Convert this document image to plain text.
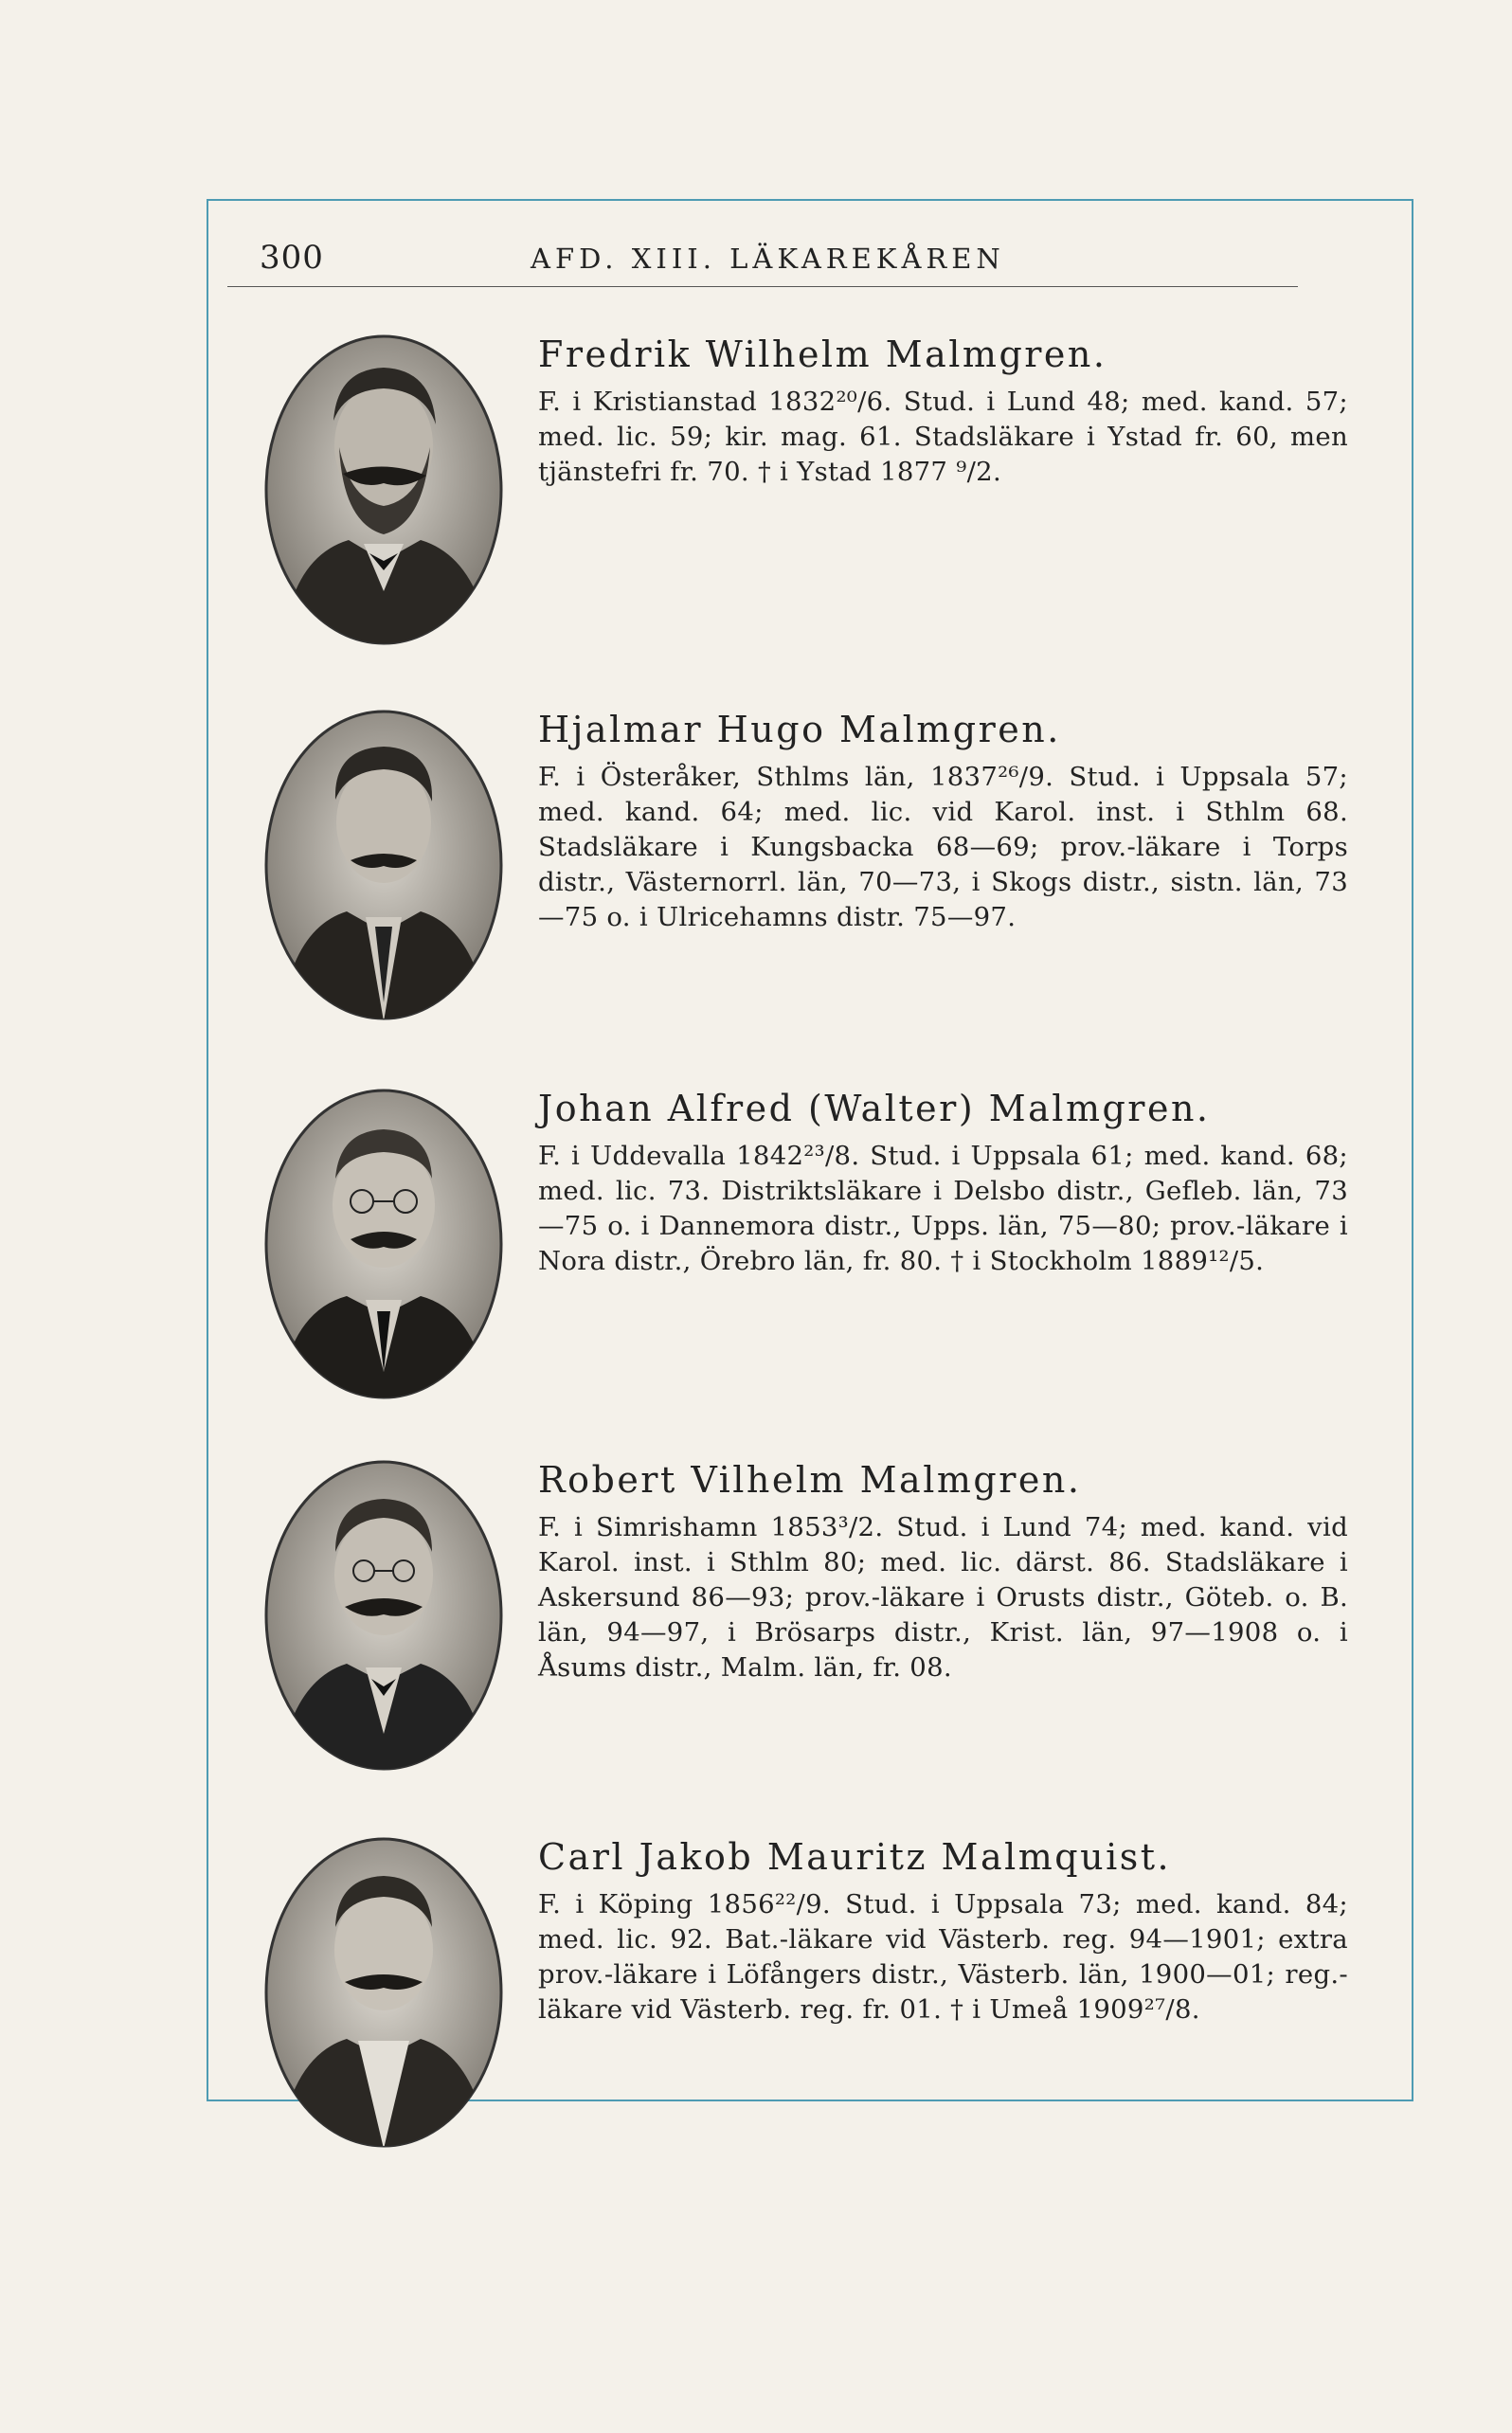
300	AFD. XIII. LÄKAREKÅREN
Fredrik Wilhelm Malmgren.

F. i Kristianstad 1832²⁰/6. Stud. i Lund 48; med. kand. 57; med. lic. 59; kir. mag. 61. Stadsläkare i Ystad fr. 60, men tjänstefri fr. 70. † i Ystad 1877 ⁹/2.

Hjalmar Hugo Malmgren.

F. i Österåker, Sthlms län, 1837²⁶/9. Stud. i Uppsala 57; med. kand. 64; med. lic. vid Karol. inst. i Sthlm 68. Stadsläkare i Kungsbacka 68—69; prov.-läkare i Torps distr., Västernorrl. län, 70—73, i Skogs distr., sistn. län, 73—75 o. i Ulricehamns distr. 75—97.

Johan Alfred (Walter) Malmgren.

F. i Uddevalla 1842²³/8. Stud. i Uppsala 61; med. kand. 68; med. lic. 73. Distriktsläkare i Delsbo distr., Gefleb. län, 73—75 o. i Dannemora distr., Upps. län, 75—80; prov.-läkare i Nora distr., Örebro län, fr. 80. † i Stockholm 1889¹²/5.

Robert Vilhelm Malmgren.

F. i Simrishamn 1853³/2. Stud. i Lund 74; med. kand. vid Karol. inst. i Sthlm 80; med. lic. därst. 86. Stadsläkare i Askersund 86—93; prov.-läkare i Orusts distr., Göteb. o. B. län, 94—97, i Brösarps distr., Krist. län, 97—1908 o. i Åsums distr., Malm. län, fr. 08.

Carl Jakob Mauritz Malmquist.

F. i Köping 1856²²/9. Stud. i Uppsala 73; med. kand. 84; med. lic. 92. Bat.-läkare vid Västerb. reg. 94—1901; extra prov.-läkare i Löfångers distr., Västerb. län, 1900—01; reg.-läkare vid Västerb. reg. fr. 01. † i Umeå 1909²⁷/8.
